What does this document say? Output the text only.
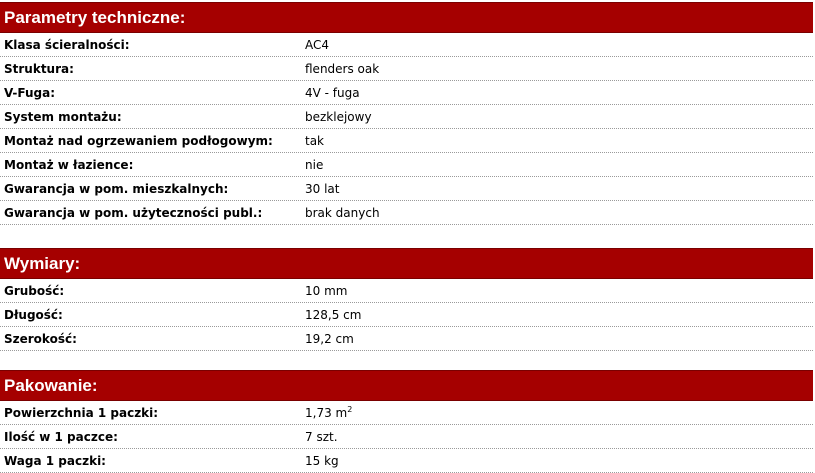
Parametry techniczne:
Klasa ścieralności:	AC4
Struktura:	flenders oak
V-Fuga:	4V - fuga
System montażu:	bezklejowy
Montaż nad ogrzewaniem podłogowym:	tak
Montaż w łazience:	nie
Gwarancja w pom. mieszkalnych:	30 lat
Gwarancja w pom. użyteczności publ.:	brak danych
Wymiary:
Grubość:	10 mm
Długość:	128,5 cm
Szerokość:	19,2 cm
Pakowanie:
Powierzchnia 1 paczki:	1,73 $m^2$
Ilość w 1 paczce:	7 szt.
Waga 1 paczki:	15 kg
